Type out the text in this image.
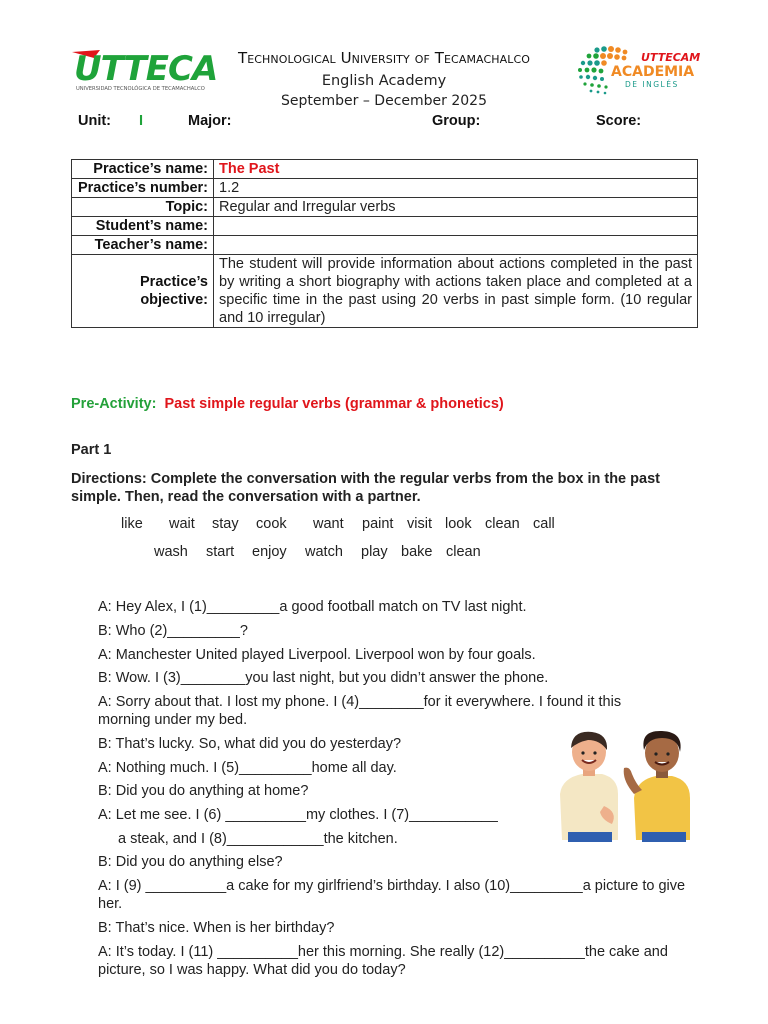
UTTECA
UNIVERSIDAD TECNOLÓGICA DE TECAMACHALCO
Technological University of Tecamachalco
English Academy
September – December 2025
UTTECAM
ACADEMIA
DE INGLÉS
Unit: I	Major:	Group:	Score:
Practice’s name:	The Past
Practice’s number:	1.2
Topic:	Regular and Irregular verbs
Student’s name:	
Teacher’s name:	
Practice’s objective:	The student will provide information about actions completed in the past by writing a short biography with actions taken place and completed at a specific time in the past using 20 verbs in past simple form. (10 regular and 10 irregular)
Pre-Activity: Past simple regular verbs (grammar & phonetics)
Part 1
Directions: Complete the conversation with the regular verbs from the box in the past simple. Then, read the conversation with a partner.
like wait stay cook want paint visit look clean call
wash start enjoy watch play bake clean
A: Hey Alex, I (1)_________a good football match on TV last night.
B: Who (2)_________?
A: Manchester United played Liverpool. Liverpool won by four goals.
B: Wow. I (3)________you last night, but you didn’t answer the phone.
A: Sorry about that. I lost my phone. I (4)________for it everywhere. I found it this morning under my bed.
B: That’s lucky. So, what did you do yesterday?
A: Nothing much. I (5)_________home all day.
B: Did you do anything at home?
A: Let me see. I (6) __________my clothes. I (7)___________
a steak, and I (8)____________the kitchen.
B: Did you do anything else?
A: I (9) __________a cake for my girlfriend’s birthday. I also (10)_________a picture to give her.
B: That’s nice. When is her birthday?
A: It’s today. I (11) __________her this morning. She really (12)__________the cake and picture, so I was happy. What did you do today?
